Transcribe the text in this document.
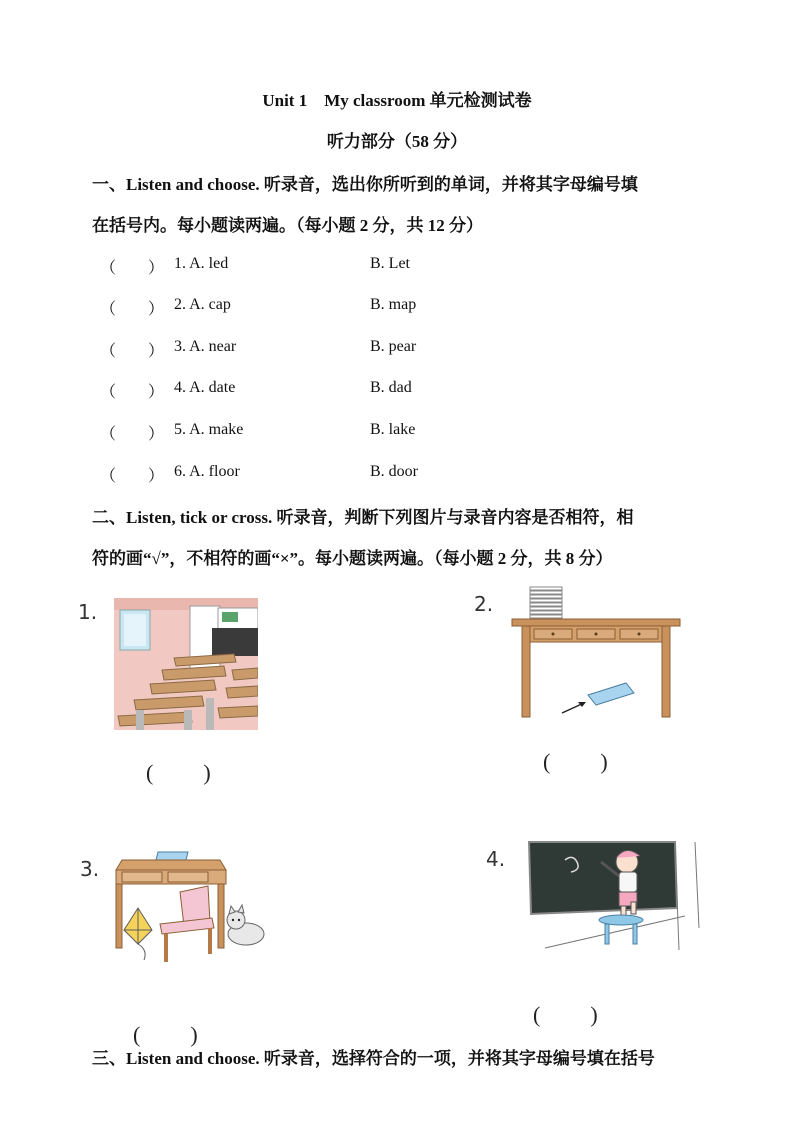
Unit 1　My classroom 单元检测试卷
听力部分（58 分）
一、Listen and choose. 听录音，选出你所听到的单词，并将其字母编号填
在括号内。每小题读两遍。（每小题 2 分，共 12 分）
（　　） 1. A. led	B. Let
（　　） 2. A. cap	B. map
（　　） 3. A. near	B. pear
（　　） 4. A. date	B. dad
（　　） 5. A. make	B. lake
（　　） 6. A. floor	B. door
二、Listen, tick or cross. 听录音，判断下列图片与录音内容是否相符，相
符的画“√”，不相符的画“×”。每小题读两遍。（每小题 2 分，共 8 分）
1.
(　　)
2.
(　　)
3.
(　　)
4.
(　　)
三、Listen and choose. 听录音，选择符合的一项，并将其字母编号填在括号
